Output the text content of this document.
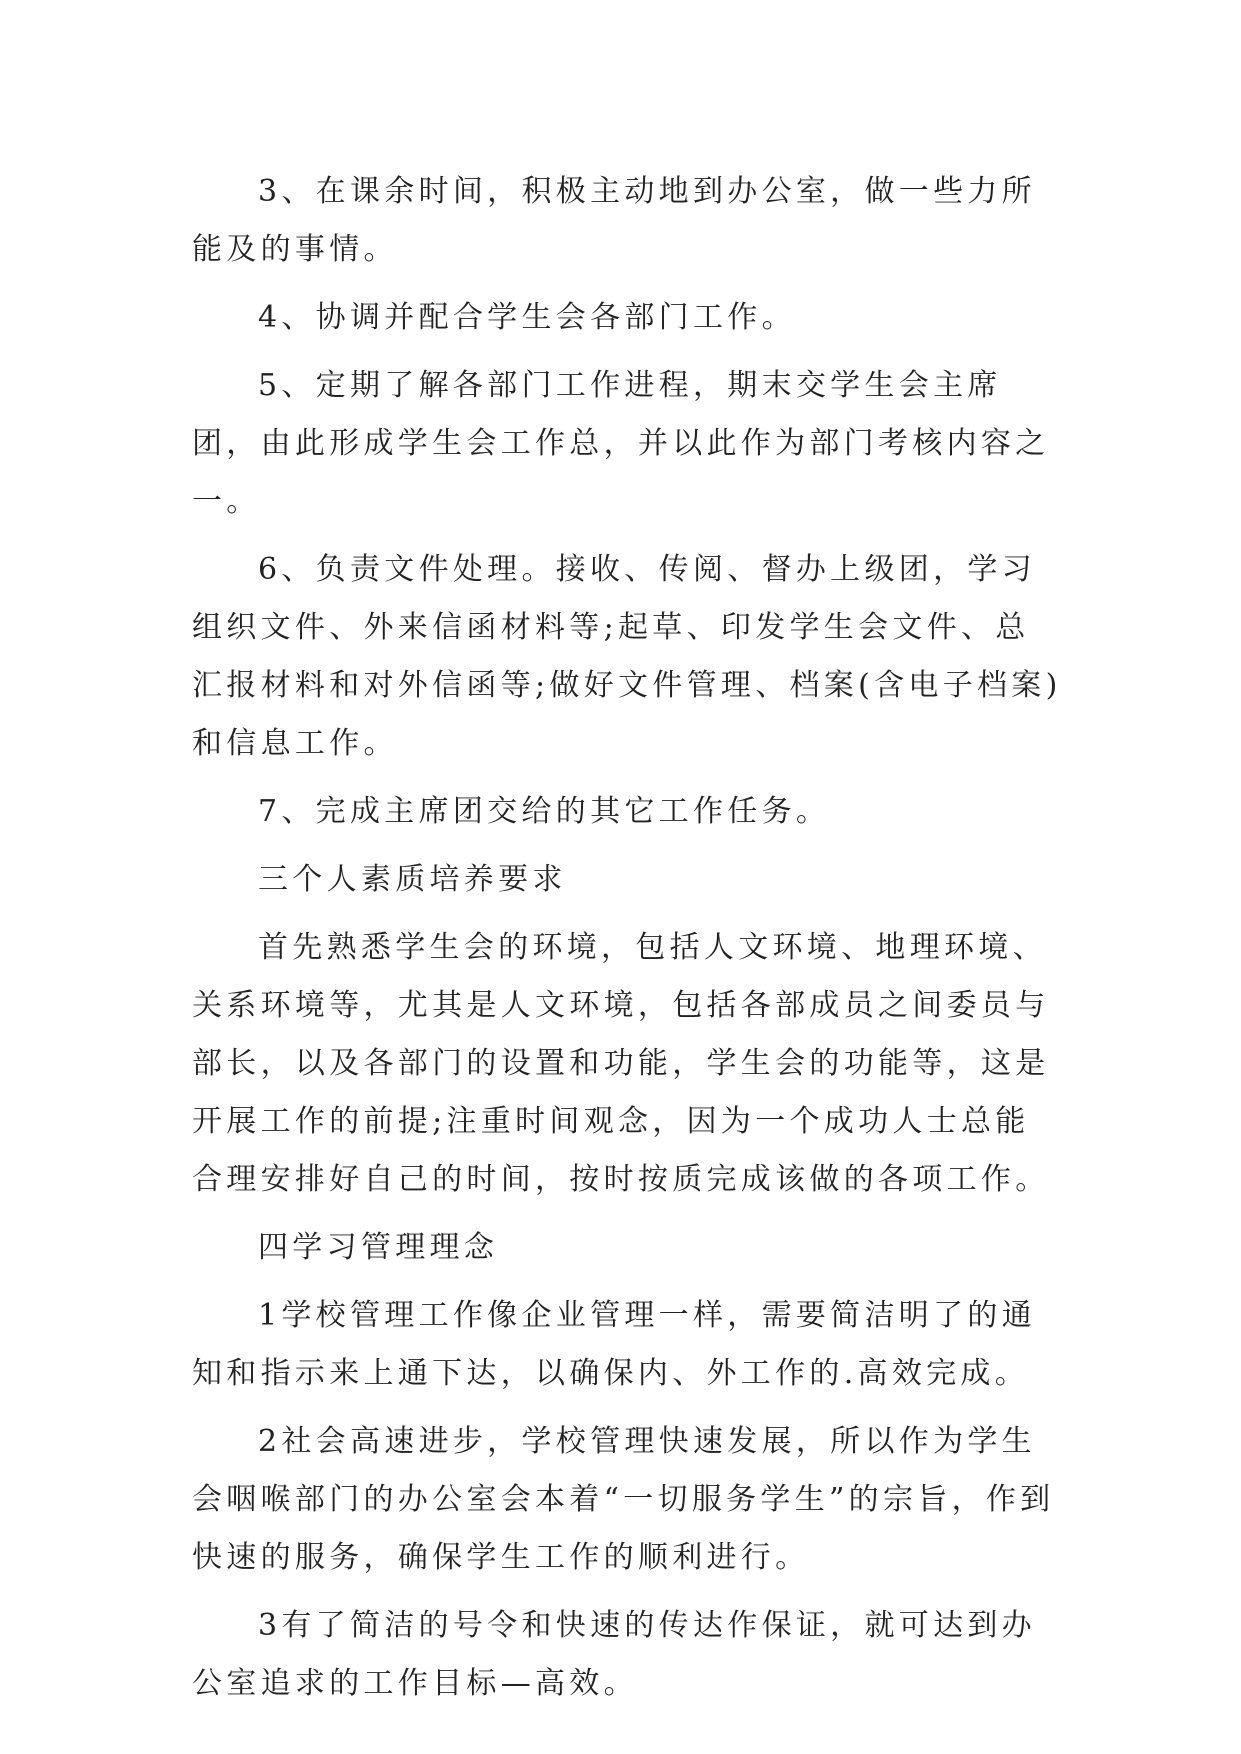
3、在课余时间，积极主动地到办公室，做一些力所能及的事情。

4、协调并配合学生会各部门工作。

5、定期了解各部门工作进程，期末交学生会主席团，由此形成学生会工作总，并以此作为部门考核内容之一。

6、负责文件处理。接收、传阅、督办上级团，学习组织文件、外来信函材料等;起草、印发学生会文件、总汇报材料和对外信函等;做好文件管理、档案(含电子档案)和信息工作。

7、完成主席团交给的其它工作任务。

三个人素质培养要求

首先熟悉学生会的环境，包括人文环境、地理环境、关系环境等，尤其是人文环境，包括各部成员之间委员与部长，以及各部门的设置和功能，学生会的功能等，这是开展工作的前提;注重时间观念，因为一个成功人士总能合理安排好自己的时间，按时按质完成该做的各项工作。

四学习管理理念

1学校管理工作像企业管理一样，需要简洁明了的通知和指示来上通下达，以确保内、外工作的.高效完成。

2社会高速进步，学校管理快速发展，所以作为学生会咽喉部门的办公室会本着“一切服务学生”的宗旨，作到快速的服务，确保学生工作的顺利进行。

3有了简洁的号令和快速的传达作保证，就可达到办公室追求的工作目标—高效。
